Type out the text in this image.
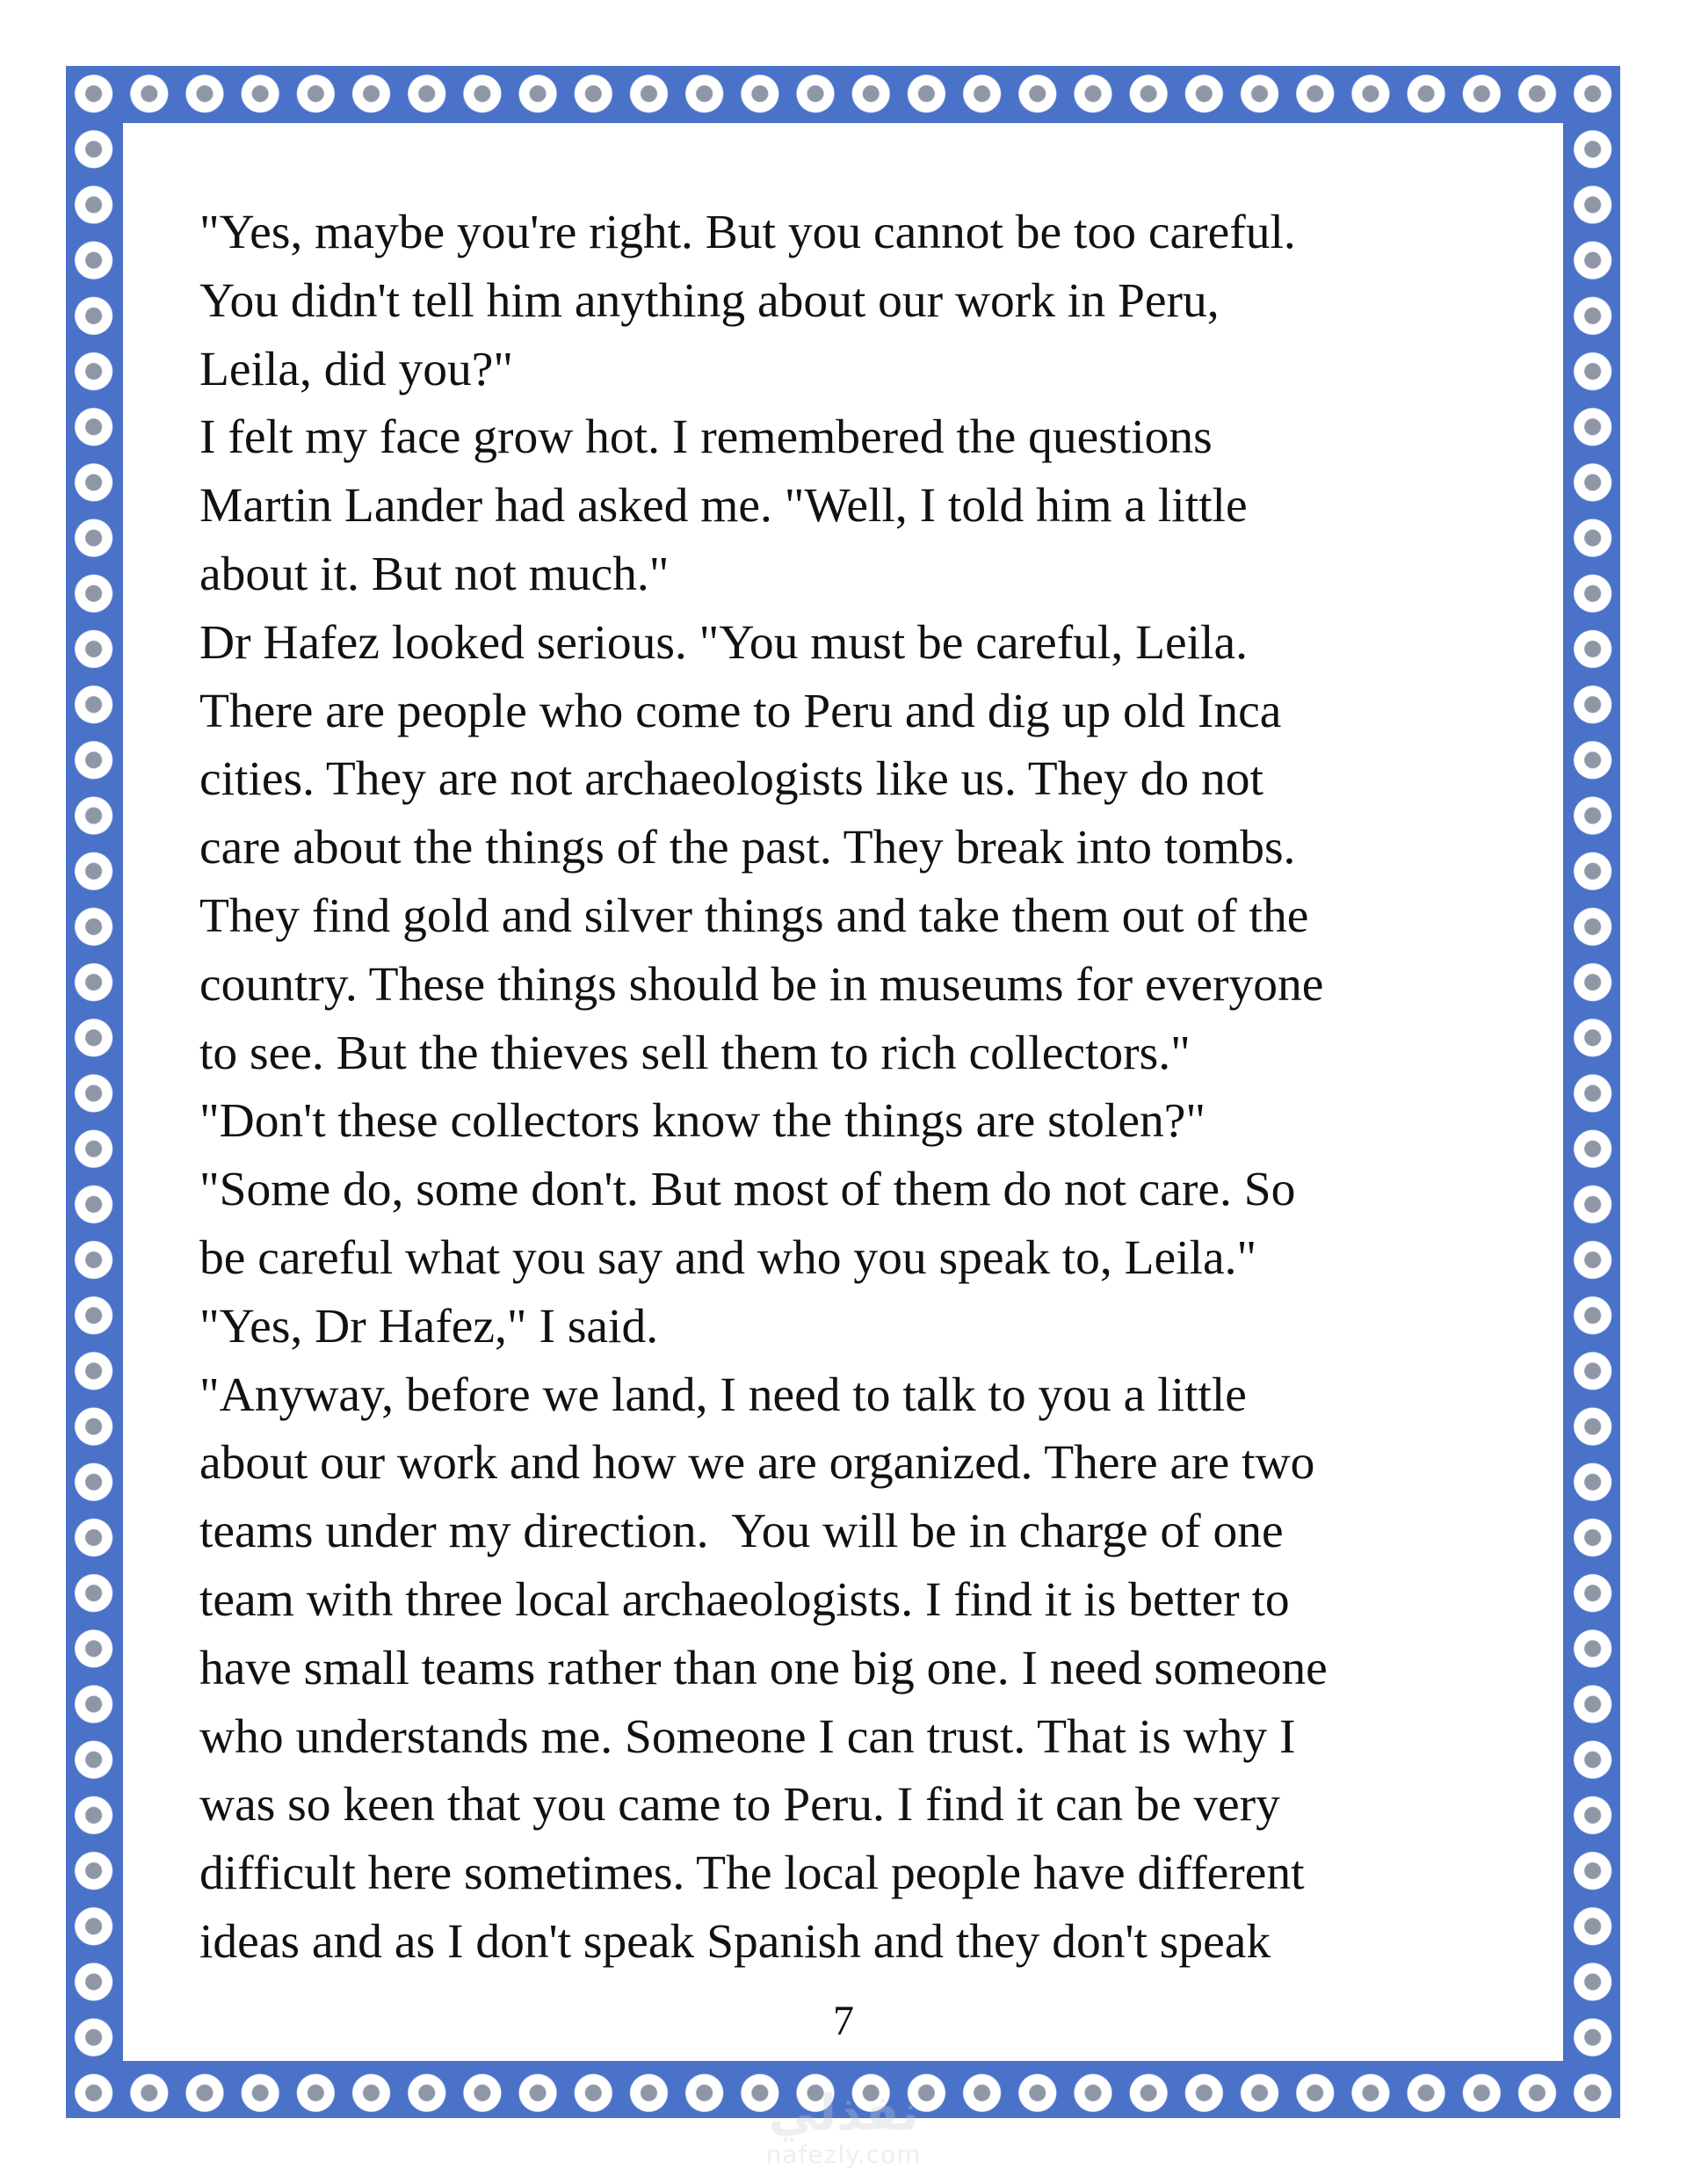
"Yes, maybe you're right. But you cannot be too careful.
You didn't tell him anything about our work in Peru,
Leila, did you?"
I felt my face grow hot. I remembered the questions
Martin Lander had asked me. "Well, I told him a little
about it. But not much."
Dr Hafez looked serious. "You must be careful, Leila.
There are people who come to Peru and dig up old Inca
cities. They are not archaeologists like us. They do not
care about the things of the past. They break into tombs.
They find gold and silver things and take them out of the
country. These things should be in museums for everyone
to see. But the thieves sell them to rich collectors."
"Don't these collectors know the things are stolen?"
"Some do, some don't. But most of them do not care. So
be careful what you say and who you speak to, Leila."
"Yes, Dr Hafez," I said.
"Anyway, before we land, I need to talk to you a little
about our work and how we are organized. There are two
teams under my direction.  You will be in charge of one
team with three local archaeologists. I find it is better to
have small teams rather than one big one. I need someone
who understands me. Someone I can trust. That is why I
was so keen that you came to Peru. I find it can be very
difficult here sometimes. The local people have different
ideas and as I don't speak Spanish and they don't speak
7
نفذلي
nafezly.com
